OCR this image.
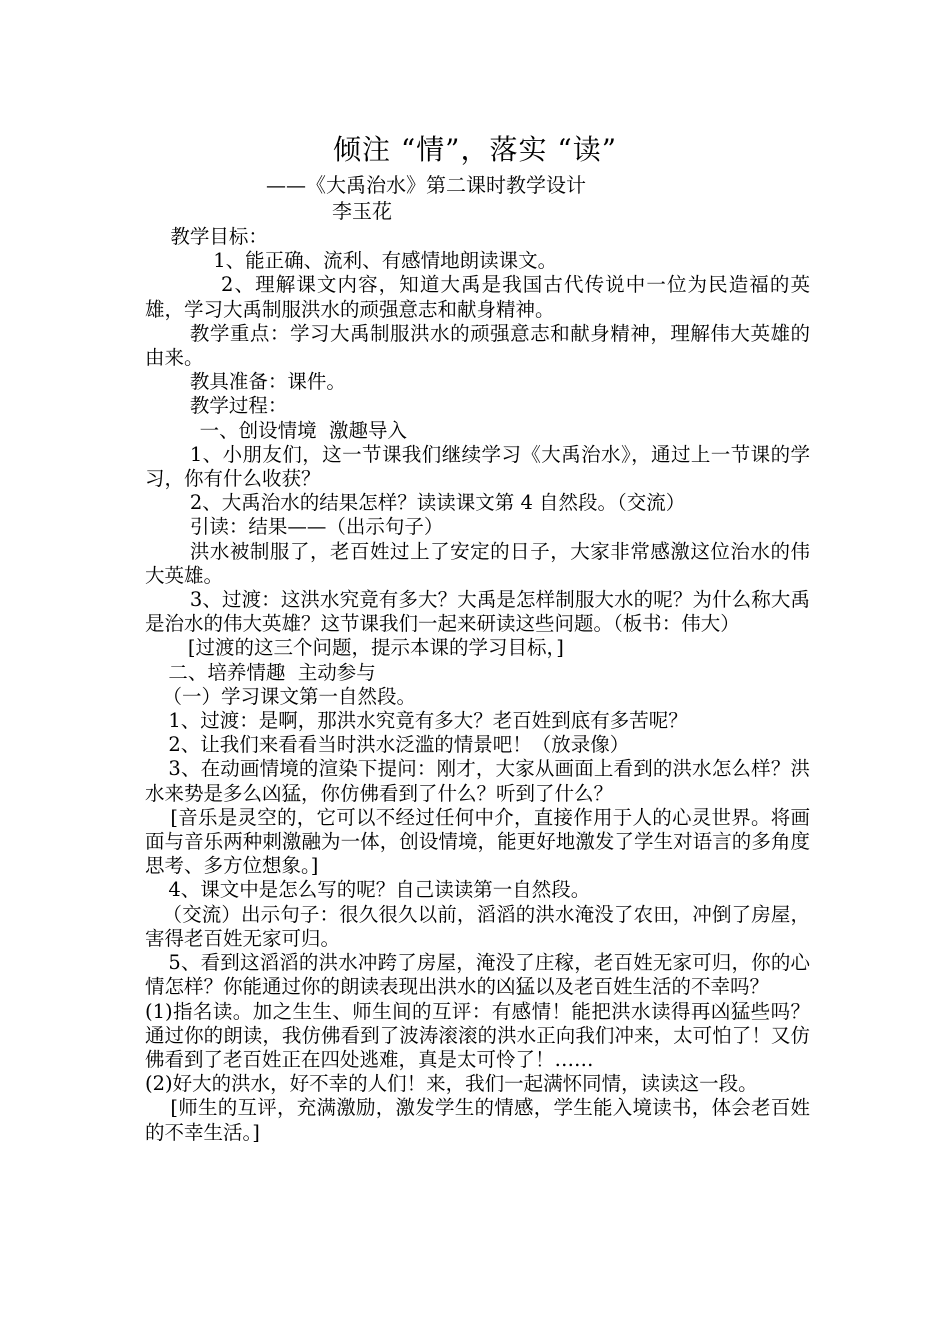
倾注 “情”，落实 “读”
——《大禹治水》第二课时教学设计
李玉花

教学目标：

1、能正确、流利、有感情地朗读课文。

2、理解课文内容，知道大禹是我国古代传说中一位为民造福的英雄，学习大禹制服洪水的顽强意志和献身精神。

教学重点：学习大禹制服洪水的顽强意志和献身精神，理解伟大英雄的由来。

教具准备：课件。

教学过程：

一、创设情境  激趣导入

1、小朋友们，这一节课我们继续学习《大禹治水》，通过上一节课的学习，你有什么收获？

2、大禹治水的结果怎样？读读课文第 4 自然段。（交流）

引读：结果——（出示句子）

洪水被制服了，老百姓过上了安定的日子，大家非常感激这位治水的伟大英雄。

3、过渡：这洪水究竟有多大？大禹是怎样制服大水的呢？为什么称大禹是治水的伟大英雄？这节课我们一起来研读这些问题。（板书：伟大）

[过渡的这三个问题，提示本课的学习目标，]

二、培养情趣  主动参与

（一）学习课文第一自然段。

1、过渡：是啊，那洪水究竟有多大？老百姓到底有多苦呢？

2、让我们来看看当时洪水泛滥的情景吧！（放录像）

3、在动画情境的渲染下提问：刚才，大家从画面上看到的洪水怎么样？洪水来势是多么凶猛，你仿佛看到了什么？听到了什么？

[音乐是灵空的，它可以不经过任何中介，直接作用于人的心灵世界。将画面与音乐两种刺激融为一体，创设情境，能更好地激发了学生对语言的多角度思考、多方位想象。]

4、课文中是怎么写的呢？自己读读第一自然段。

（交流）出示句子：很久很久以前，滔滔的洪水淹没了农田，冲倒了房屋，害得老百姓无家可归。

5、看到这滔滔的洪水冲跨了房屋，淹没了庄稼，老百姓无家可归，你的心情怎样？你能通过你的朗读表现出洪水的凶猛以及老百姓生活的不幸吗？

(1)指名读。加之生生、师生间的互评：有感情！能把洪水读得再凶猛些吗？通过你的朗读，我仿佛看到了波涛滚滚的洪水正向我们冲来，太可怕了！又仿佛看到了老百姓正在四处逃难，真是太可怜了！……

(2)好大的洪水，好不幸的人们！来，我们一起满怀同情，读读这一段。

[师生的互评，充满激励，激发学生的情感，学生能入境读书，体会老百姓的不幸生活。]
